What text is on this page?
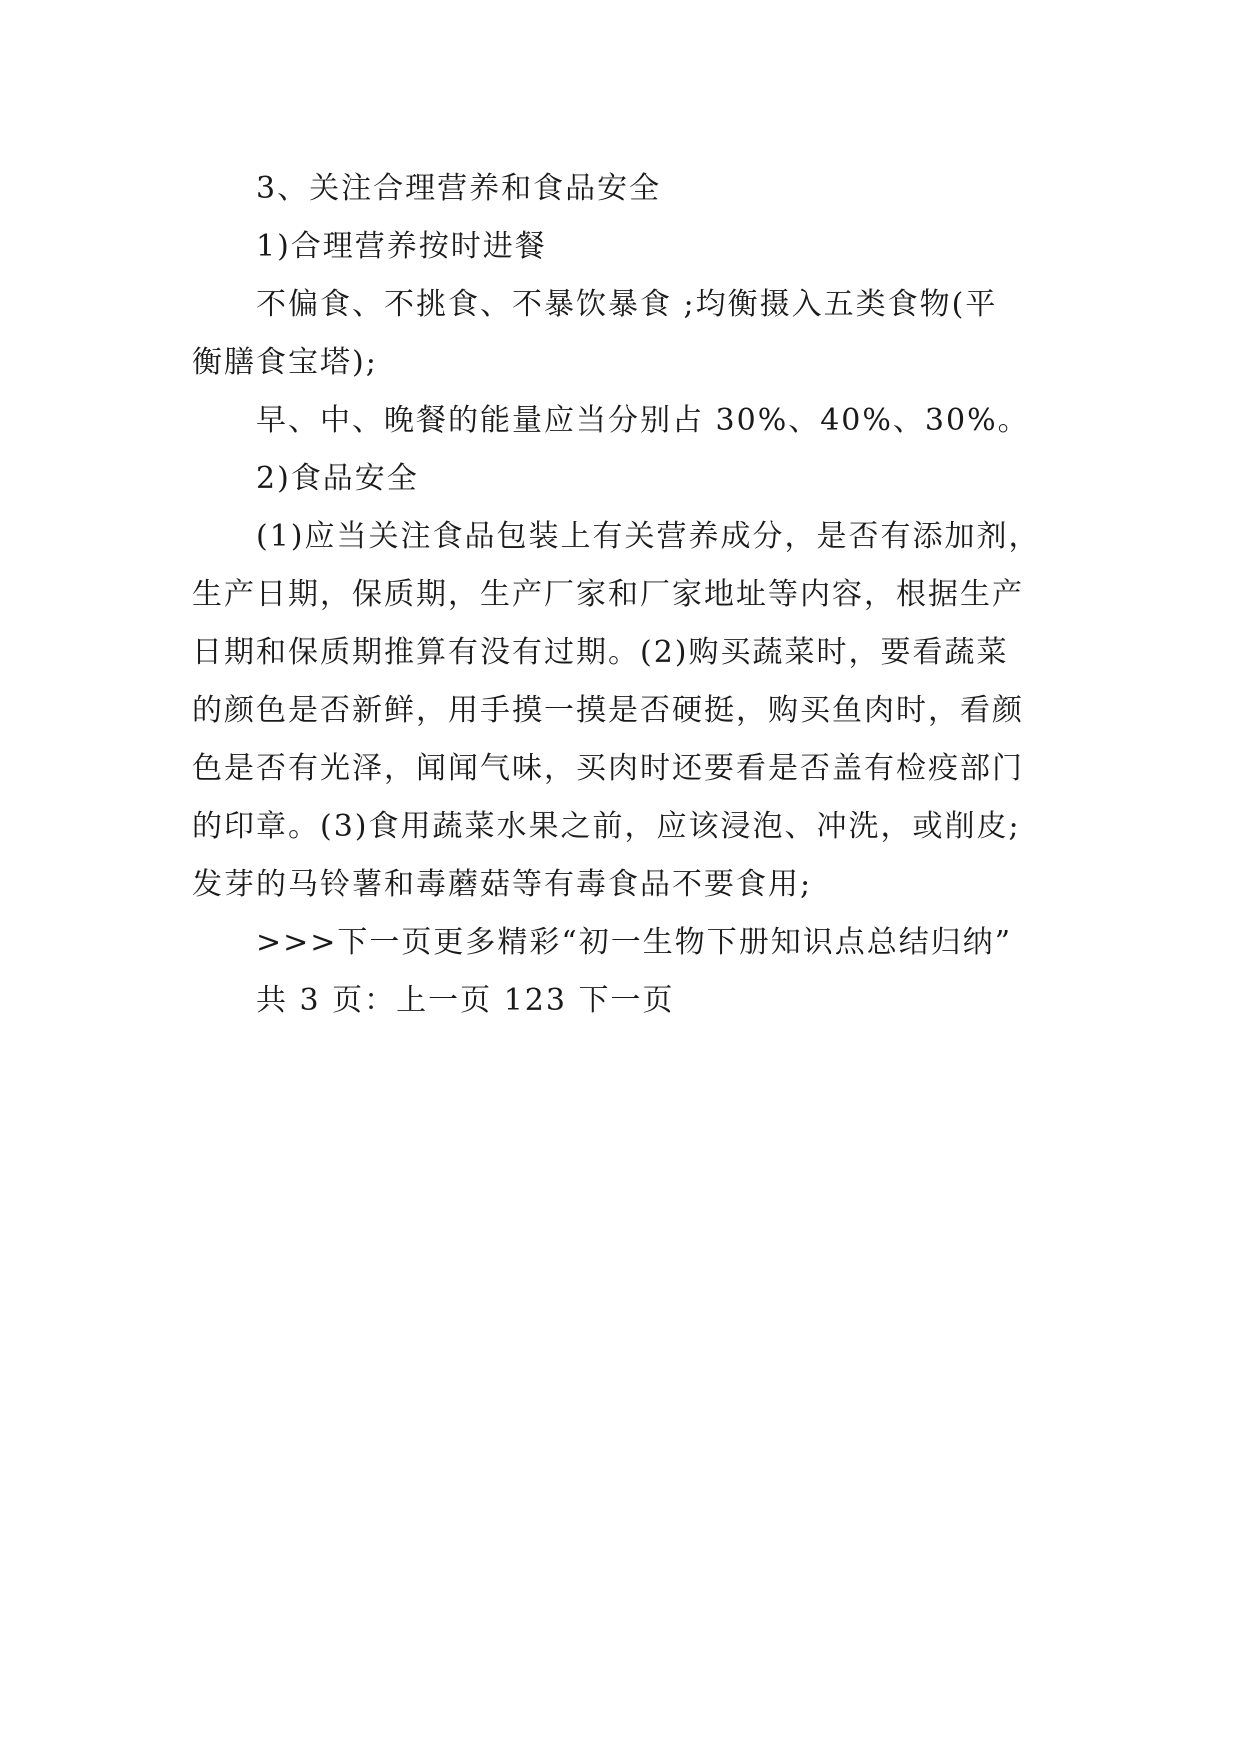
3、关注合理营养和食品安全

1)合理营养按时进餐

不偏食、不挑食、不暴饮暴食 ;均衡摄入五类食物(平

衡膳食宝塔);

早、中、晚餐的能量应当分别占 30%、40%、30%。

2)食品安全

(1)应当关注食品包装上有关营养成分，是否有添加剂，

生产日期，保质期，生产厂家和厂家地址等内容，根据生产

日期和保质期推算有没有过期。(2)购买蔬菜时，要看蔬菜

的颜色是否新鲜，用手摸一摸是否硬挺，购买鱼肉时，看颜

色是否有光泽，闻闻气味，买肉时还要看是否盖有检疫部门

的印章。(3)食用蔬菜水果之前，应该浸泡、冲洗，或削皮;

发芽的马铃薯和毒蘑菇等有毒食品不要食用;

>>>下一页更多精彩“初一生物下册知识点总结归纳”

共 3 页：上一页 123 下一页
